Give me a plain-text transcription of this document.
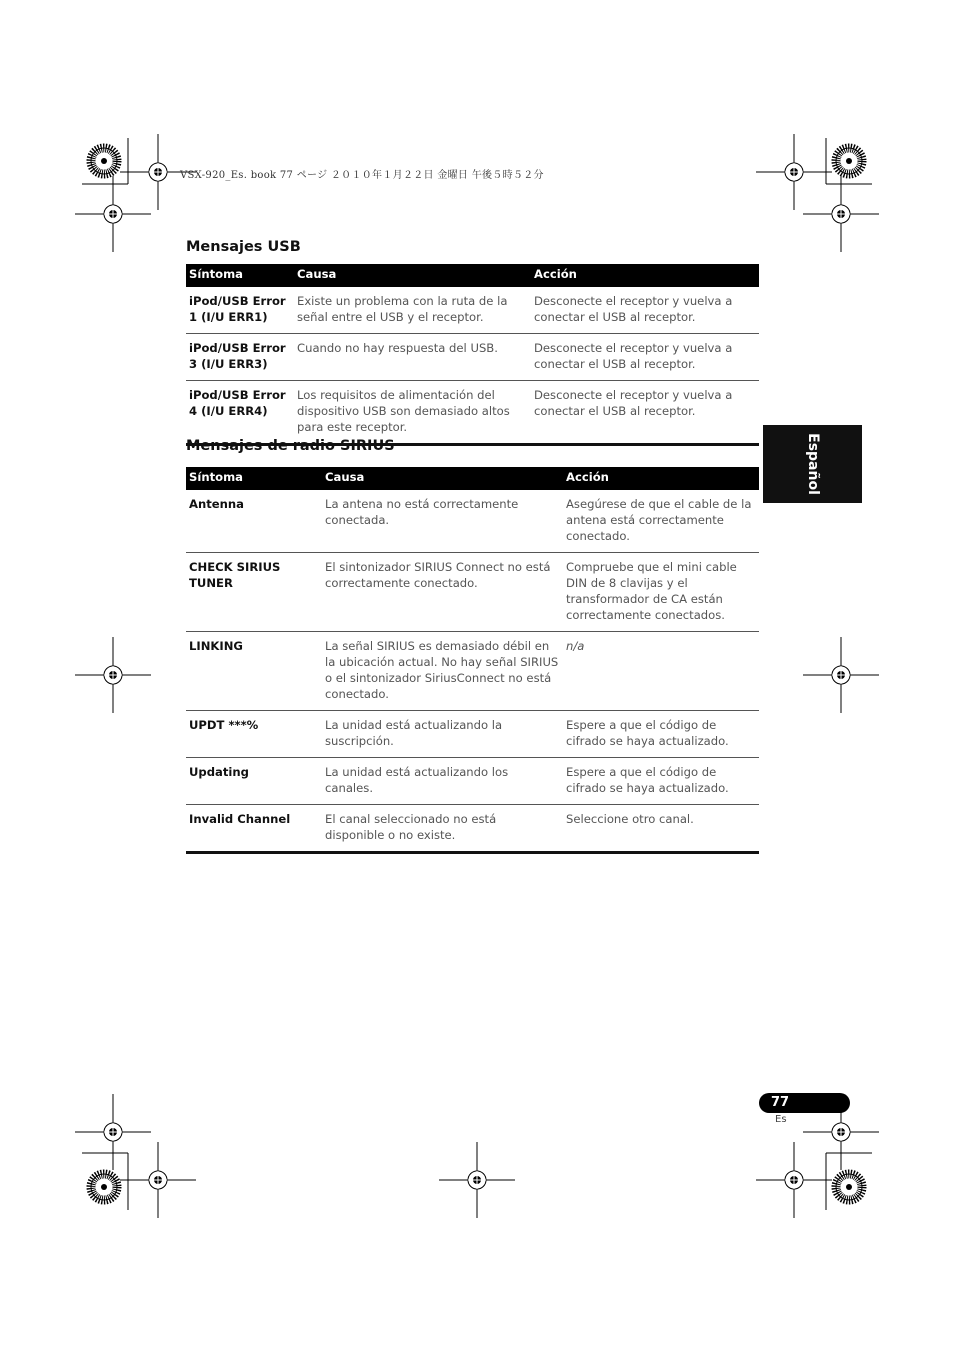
VSX-920_Es. book 77 ページ ２０１０年１月２２日 金曜日 午後５時５２分
Mensajes USB
Síntoma	Causa	Acción
iPod/USB Error 1 (I/U ERR1)	Existe un problema con la ruta de la señal entre el USB y el receptor.	Desconecte el receptor y vuelva a conectar el USB al receptor.
iPod/USB Error 3 (I/U ERR3)	Cuando no hay respuesta del USB.	Desconecte el receptor y vuelva a conectar el USB al receptor.
iPod/USB Error 4 (I/U ERR4)	Los requisitos de alimentación del dispositivo USB son demasiado altos para este receptor.	Desconecte el receptor y vuelva a conectar el USB al receptor.
Mensajes de radio SIRIUS
Síntoma	Causa	Acción
Antenna	La antena no está correctamente conectada.	Asegúrese de que el cable de la antena está correctamente conectado.
CHECK SIRIUS TUNER	El sintonizador SIRIUS Connect no está correctamente conectado.	Compruebe que el mini cable DIN de 8 clavijas y el transformador de CA están correctamente conectados.
LINKING	La señal SIRIUS es demasiado débil en la ubicación actual. No hay señal SIRIUS o el sintonizador SiriusConnect no está conectado.	n/a
UPDT ***%	La unidad está actualizando la suscripción.	Espere a que el código de cifrado se haya actualizado.
Updating	La unidad está actualizando los canales.	Espere a que el código de cifrado se haya actualizado.
Invalid Channel	El canal seleccionado no está disponible o no existe.	Seleccione otro canal.
Español
77
Es
